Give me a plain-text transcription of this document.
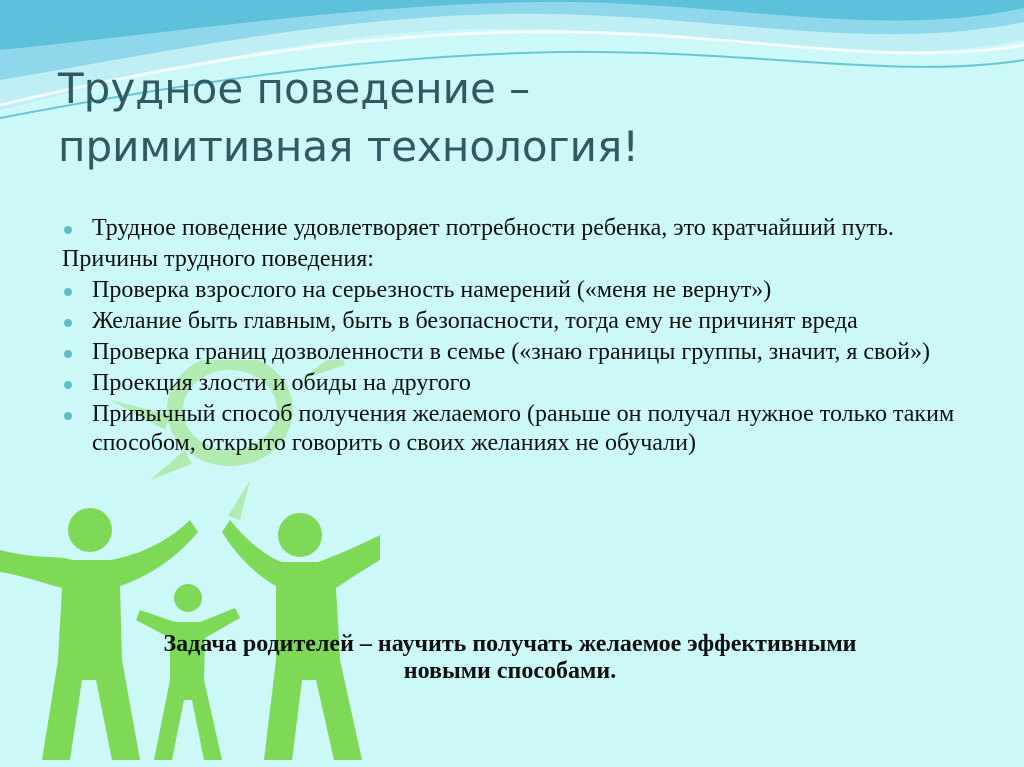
Трудное поведение –
примитивная технология!
Трудное поведение удовлетворяет потребности ребенка, это кратчайший путь.
Причины трудного поведения:
Проверка взрослого на серьезность намерений («меня не вернут»)
Желание быть главным, быть в безопасности, тогда ему не причинят вреда
Проверка границ дозволенности в семье («знаю границы группы, значит, я свой»)
Проекция злости и обиды на другого
Привычный способ получения желаемого (раньше он получал нужное только таким способом, открыто говорить о своих желаниях не обучали)
Задача родителей – научить получать желаемое эффективными
новыми способами.
